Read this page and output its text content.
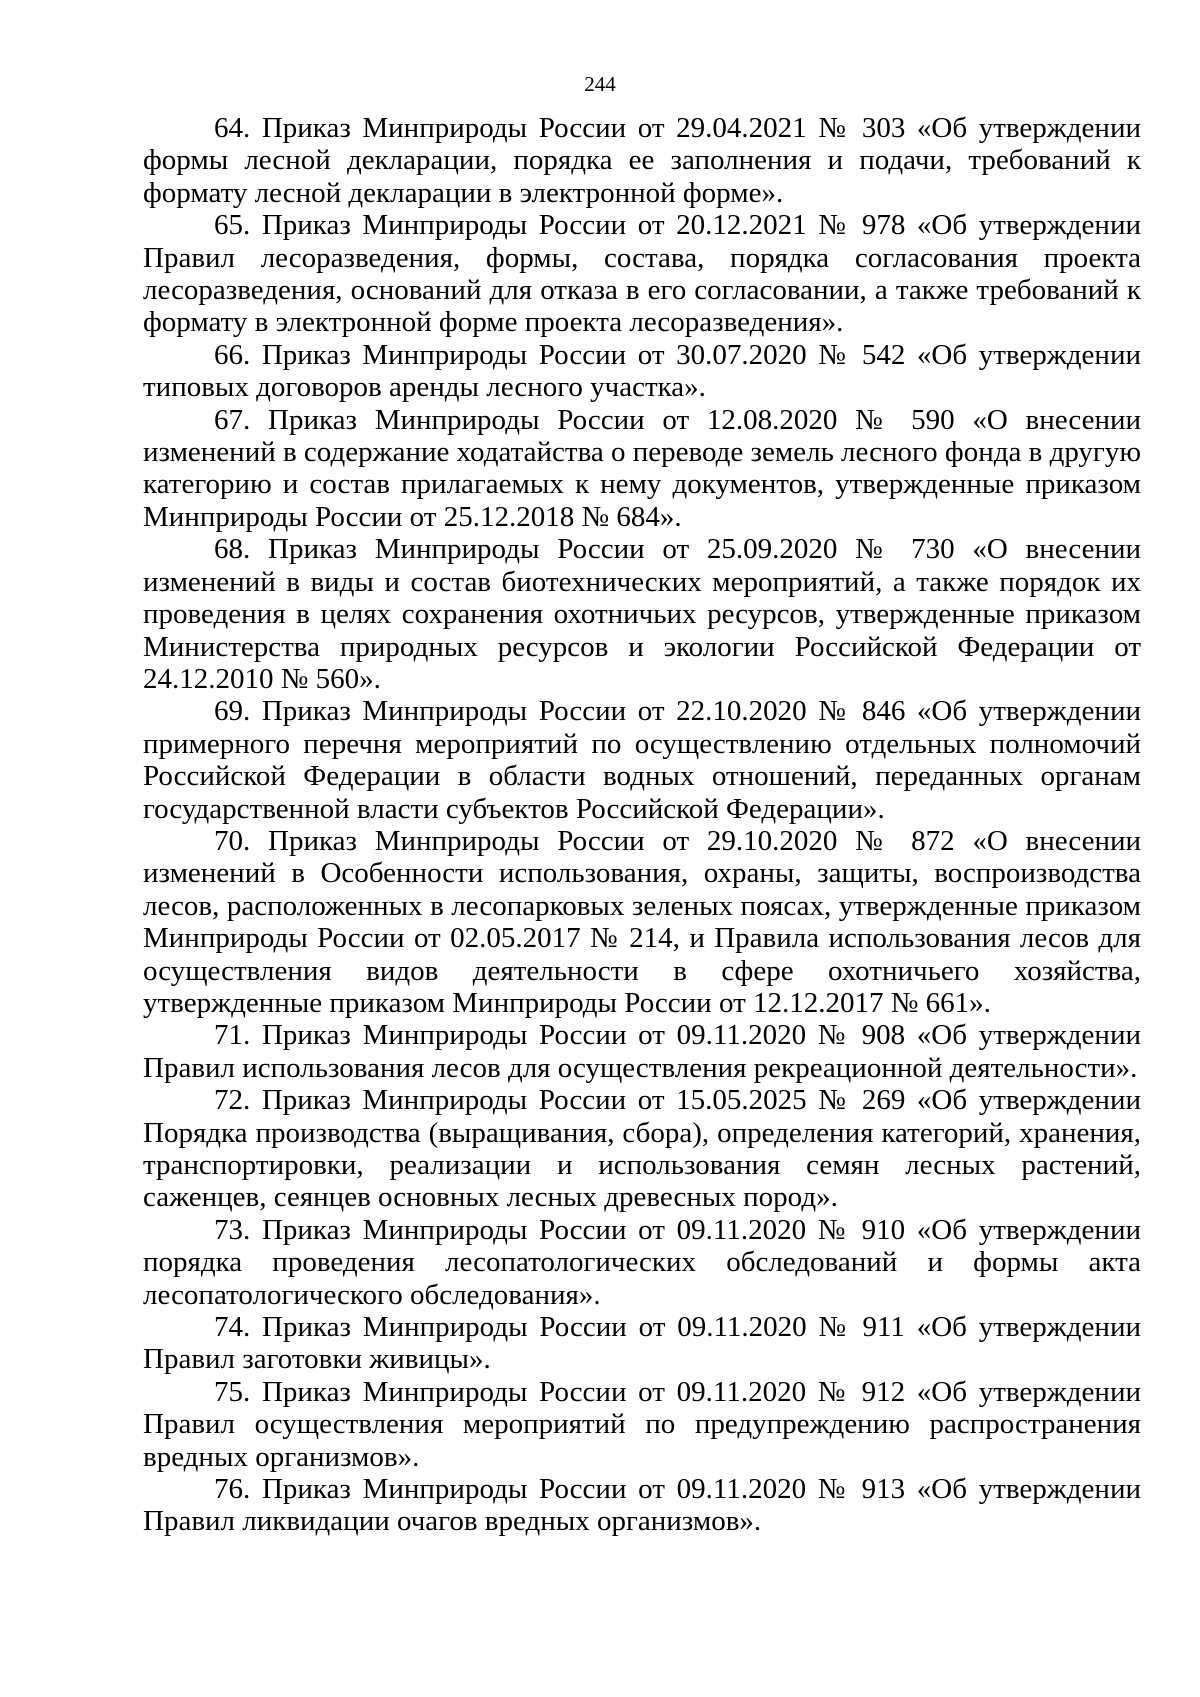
244
64. Приказ Минприроды России от 29.04.2021 № 303 «Об утверждении формы лесной декларации, порядка ее заполнения и подачи, требований к формату лесной декларации в электронной форме».
65. Приказ Минприроды России от 20.12.2021 № 978 «Об утверждении Правил лесоразведения, формы, состава, порядка согласования проекта лесоразведения, оснований для отказа в его согласовании, а также требований к формату в электронной форме проекта лесоразведения».
66. Приказ Минприроды России от 30.07.2020 № 542 «Об утверждении типовых договоров аренды лесного участка».
67. Приказ Минприроды России от 12.08.2020 № 590 «О внесении изменений в содержание ходатайства о переводе земель лесного фонда в другую категорию и состав прилагаемых к нему документов, утвержденные приказом Минприроды России от 25.12.2018 № 684».
68. Приказ Минприроды России от 25.09.2020 № 730 «О внесении изменений в виды и состав биотехнических мероприятий, а также порядок их проведения в целях сохранения охотничьих ресурсов, утвержденные приказом Министерства природных ресурсов и экологии Российской Федерации от 24.12.2010 № 560».
69. Приказ Минприроды России от 22.10.2020 № 846 «Об утверждении примерного перечня мероприятий по осуществлению отдельных полномочий Российской Федерации в области водных отношений, переданных органам государственной власти субъектов Российской Федерации».
70. Приказ Минприроды России от 29.10.2020 № 872 «О внесении изменений в Особенности использования, охраны, защиты, воспроизводства лесов, расположенных в лесопарковых зеленых поясах, утвержденные приказом Минприроды России от 02.05.2017 № 214, и Правила использования лесов для осуществления видов деятельности в сфере охотничьего хозяйства, утвержденные приказом Минприроды России от 12.12.2017 № 661».
71. Приказ Минприроды России от 09.11.2020 № 908 «Об утверждении Правил использования лесов для осуществления рекреационной деятельности».
72. Приказ Минприроды России от 15.05.2025 № 269 «Об утверждении Порядка производства (выращивания, сбора), определения категорий, хранения, транспортировки, реализации и использования семян лесных растений, саженцев, сеянцев основных лесных древесных пород».
73. Приказ Минприроды России от 09.11.2020 № 910 «Об утверждении порядка проведения лесопатологических обследований и формы акта лесопатологического обследования».
74. Приказ Минприроды России от 09.11.2020 № 911 «Об утверждении Правил заготовки живицы».
75. Приказ Минприроды России от 09.11.2020 № 912 «Об утверждении Правил осуществления мероприятий по предупреждению распространения вредных организмов».
76. Приказ Минприроды России от 09.11.2020 № 913 «Об утверждении Правил ликвидации очагов вредных организмов».
